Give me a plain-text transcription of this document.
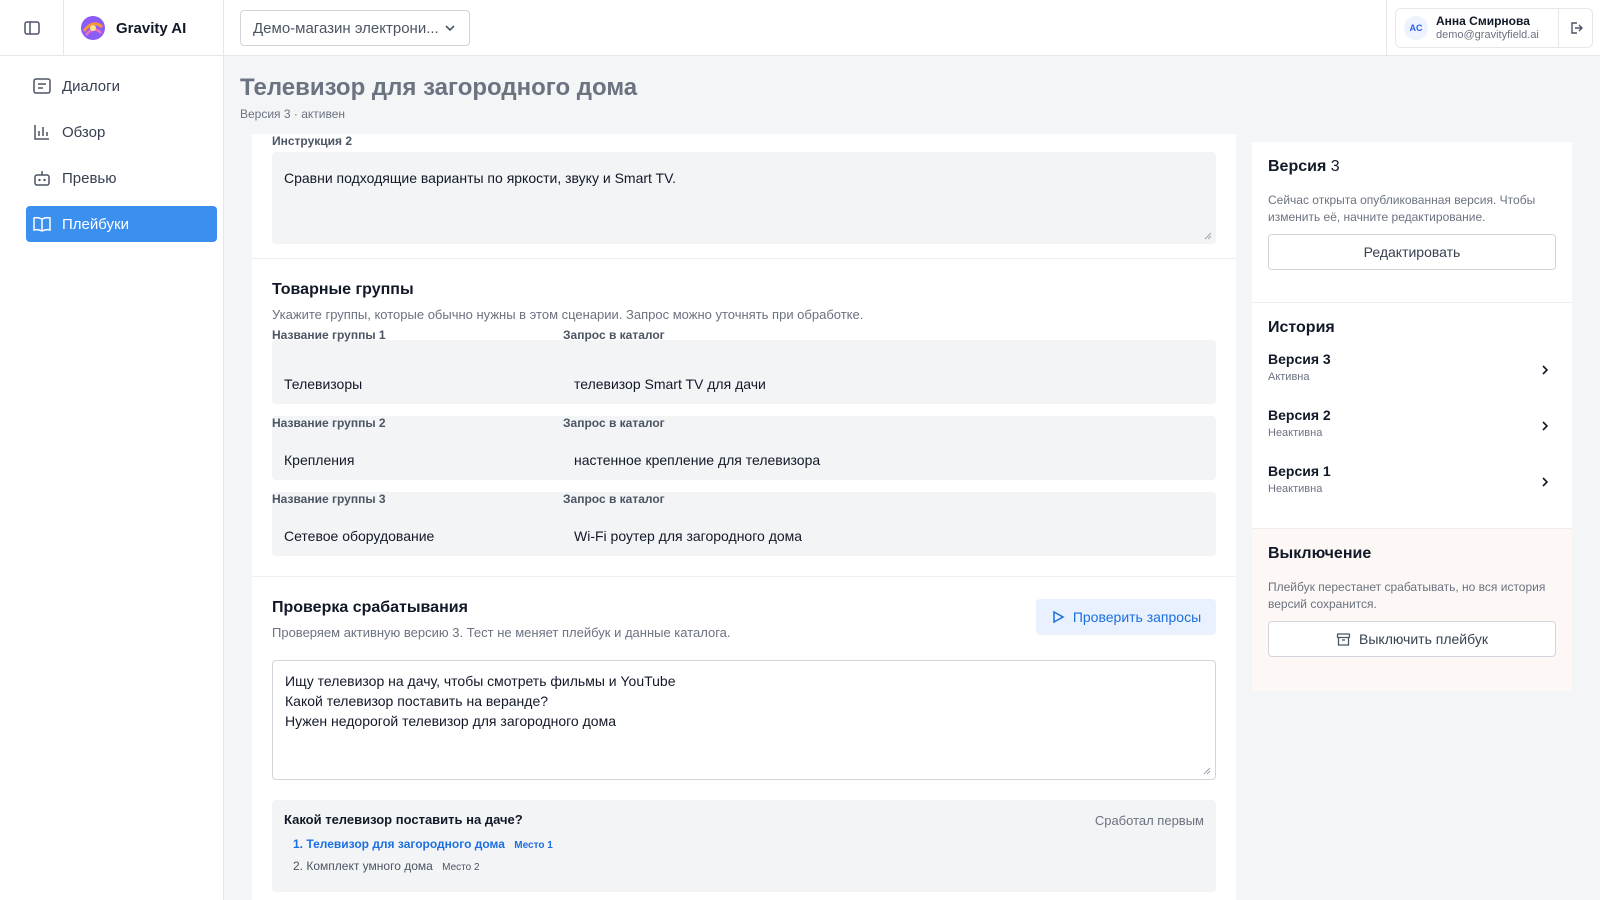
Gravity AI	Демо-магазин электрони...	AC	Анна Смирнова
demo@gravityfield.ai
Диалоги
Обзор
Превью
Плейбуки
Телевизор для загородного дома
Версия 3 · активен
Инструкция 2
Сравни подходящие варианты по яркости, звуку и Smart TV.
Товарные группы
Укажите группы, которые обычно нужны в этом сценарии. Запрос можно уточнять при обработке.
Название группы 1	Запрос в каталог
Телевизоры	телевизор Smart TV для дачи
Название группы 2	Запрос в каталог
Крепления	настенное крепление для телевизора
Название группы 3	Запрос в каталог
Сетевое оборудование	Wi-Fi роутер для загородного дома
Проверка срабатывания
Проверяем активную версию 3. Тест не меняет плейбук и данные каталога.
Проверить запросы
Ищу телевизор на дачу, чтобы смотреть фильмы и YouTube
Какой телевизор поставить на веранде?
Нужен недорогой телевизор для загородного дома
Какой телевизор поставить на даче?	Сработал первым
1. Телевизор для загородного дома Место 1
2. Комплект умного дома Место 2
Версия 3
Сейчас открыта опубликованная версия. Чтобы изменить её, начните редактирование.
Редактировать
История
Версия 3
Активна
Версия 2
Неактивна
Версия 1
Неактивна
Выключение
Плейбук перестанет срабатывать, но вся история версий сохранится.
Выключить плейбук
